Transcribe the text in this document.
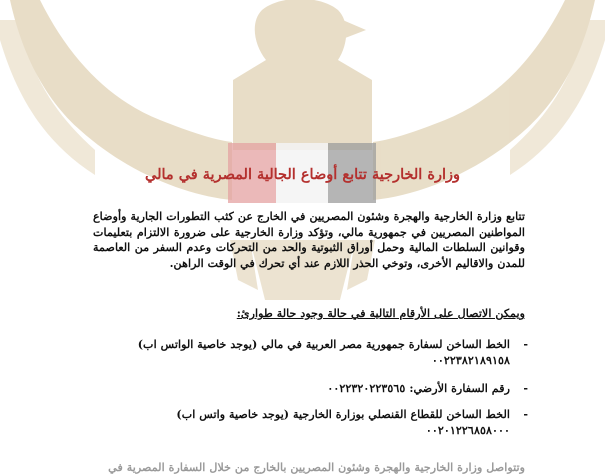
وزارة الخارجية تتابع أوضاع الجالية المصرية في مالي
تتابع وزارة الخارجية والهجرة وشئون المصريين في الخارج عن كثب التطورات الجارية وأوضاع المواطنين المصريين في جمهورية مالي، وتؤكد وزارة الخارجية على ضرورة الالتزام بتعليمات وقوانين السلطات المالية وحمل أوراق الثبوتية والحد من التحركات وعدم السفر من العاصمة للمدن والاقاليم الأخرى، وتوخي الحذر اللازم عند أي تحرك في الوقت الراهن.
ويمكن الاتصال على الأرقام التالية في حالة وجود حالة طوارئ:
-
الخط الساخن لسفارة جمهورية مصر العربية في مالي (يوجد خاصية الواتس اب)
٠٠٢٢٣٨٢١٨٩١٥٨
-
رقم السفارة الأرضي: ٠٠٢٢٣٢٠٢٢٣٥٦٥
-
الخط الساخن للقطاع القنصلي بوزارة الخارجية (يوجد خاصية واتس اب)
٠٠٢٠١٢٢٦٨٥٨٠٠٠
وتتواصل وزارة الخارجية والهجرة وشئون المصريين بالخارج من خلال السفارة المصرية في
